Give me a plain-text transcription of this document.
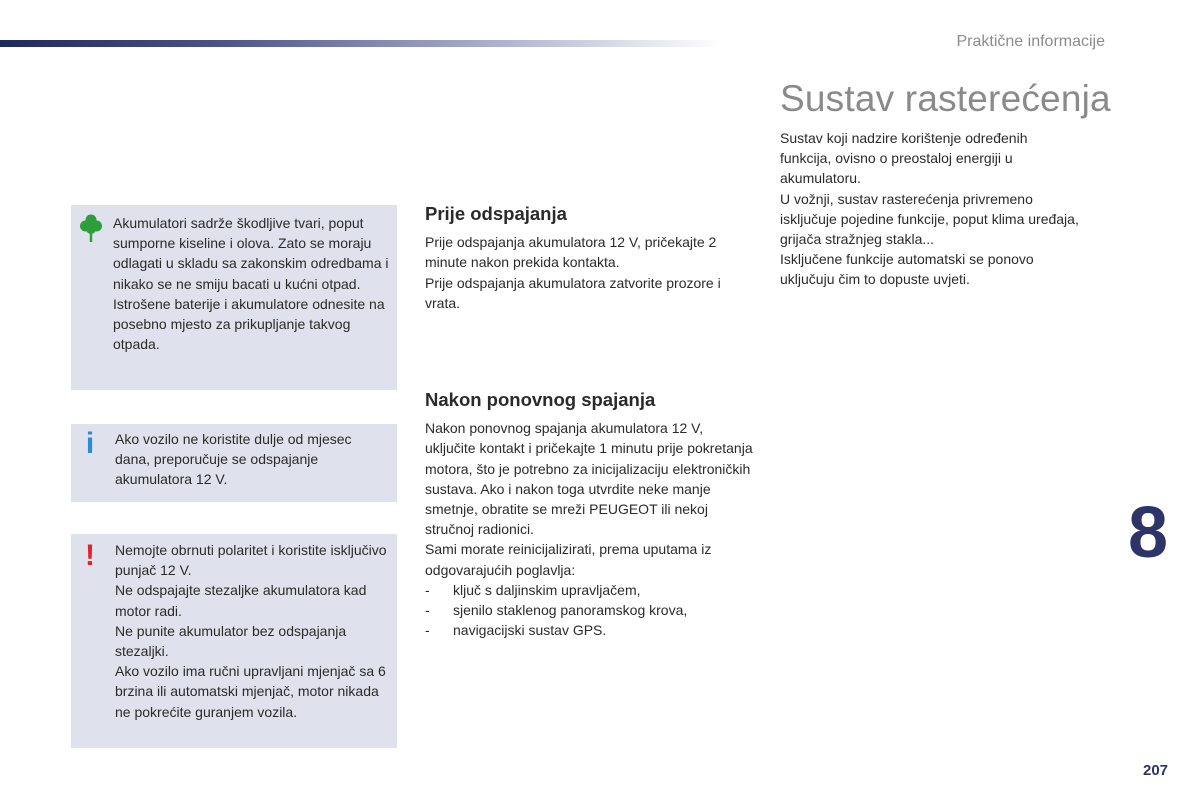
Praktične informacije
Sustav rasterećenja

Sustav koji nadzire korištenje određenih funkcija, ovisno o preostaloj energiji u akumulatoru.

U vožnji, sustav rasterećenja privremeno isključuje pojedine funkcije, poput klima uređaja, grijača stražnjeg stakla...

Isključene funkcije automatski se ponovo uključuju čim to dopuste uvjeti.

Akumulatori sadrže škodljive tvari, poput sumporne kiseline i olova. Zato se moraju odlagati u skladu sa zakonskim odredbama i nikako se ne smiju bacati u kućni otpad.

Istrošene baterije i akumulatore odnesite na posebno mjesto za prikupljanje takvog otpada.

i Ako vozilo ne koristite dulje od mjesec dana, preporučuje se odspajanje akumulatora 12 V.

! Nemojte obrnuti polaritet i koristite isključivo punjač 12 V.

Ne odspajajte stezaljke akumulatora kad motor radi.

Ne punite akumulator bez odspajanja stezaljki.

Ako vozilo ima ručni upravljani mjenjač sa 6 brzina ili automatski mjenjač, motor nikada ne pokrećite guranjem vozila.

Prije odspajanja

Prije odspajanja akumulatora 12 V, pričekajte 2 minute nakon prekida kontakta.

Prije odspajanja akumulatora zatvorite prozore i vrata.

Nakon ponovnog spajanja

Nakon ponovnog spajanja akumulatora 12 V, uključite kontakt i pričekajte 1 minutu prije pokretanja motora, što je potrebno za inicijalizaciju elektroničkih sustava. Ako i nakon toga utvrdite neke manje smetnje, obratite se mreži PEUGEOT ili nekoj stručnoj radionici.

Sami morate reinicijalizirati, prema uputama iz odgovarajućih poglavlja:

- ključ s daljinskim upravljačem,
- sjenilo staklenog panoramskog krova,
- navigacijski sustav GPS.
8
207
